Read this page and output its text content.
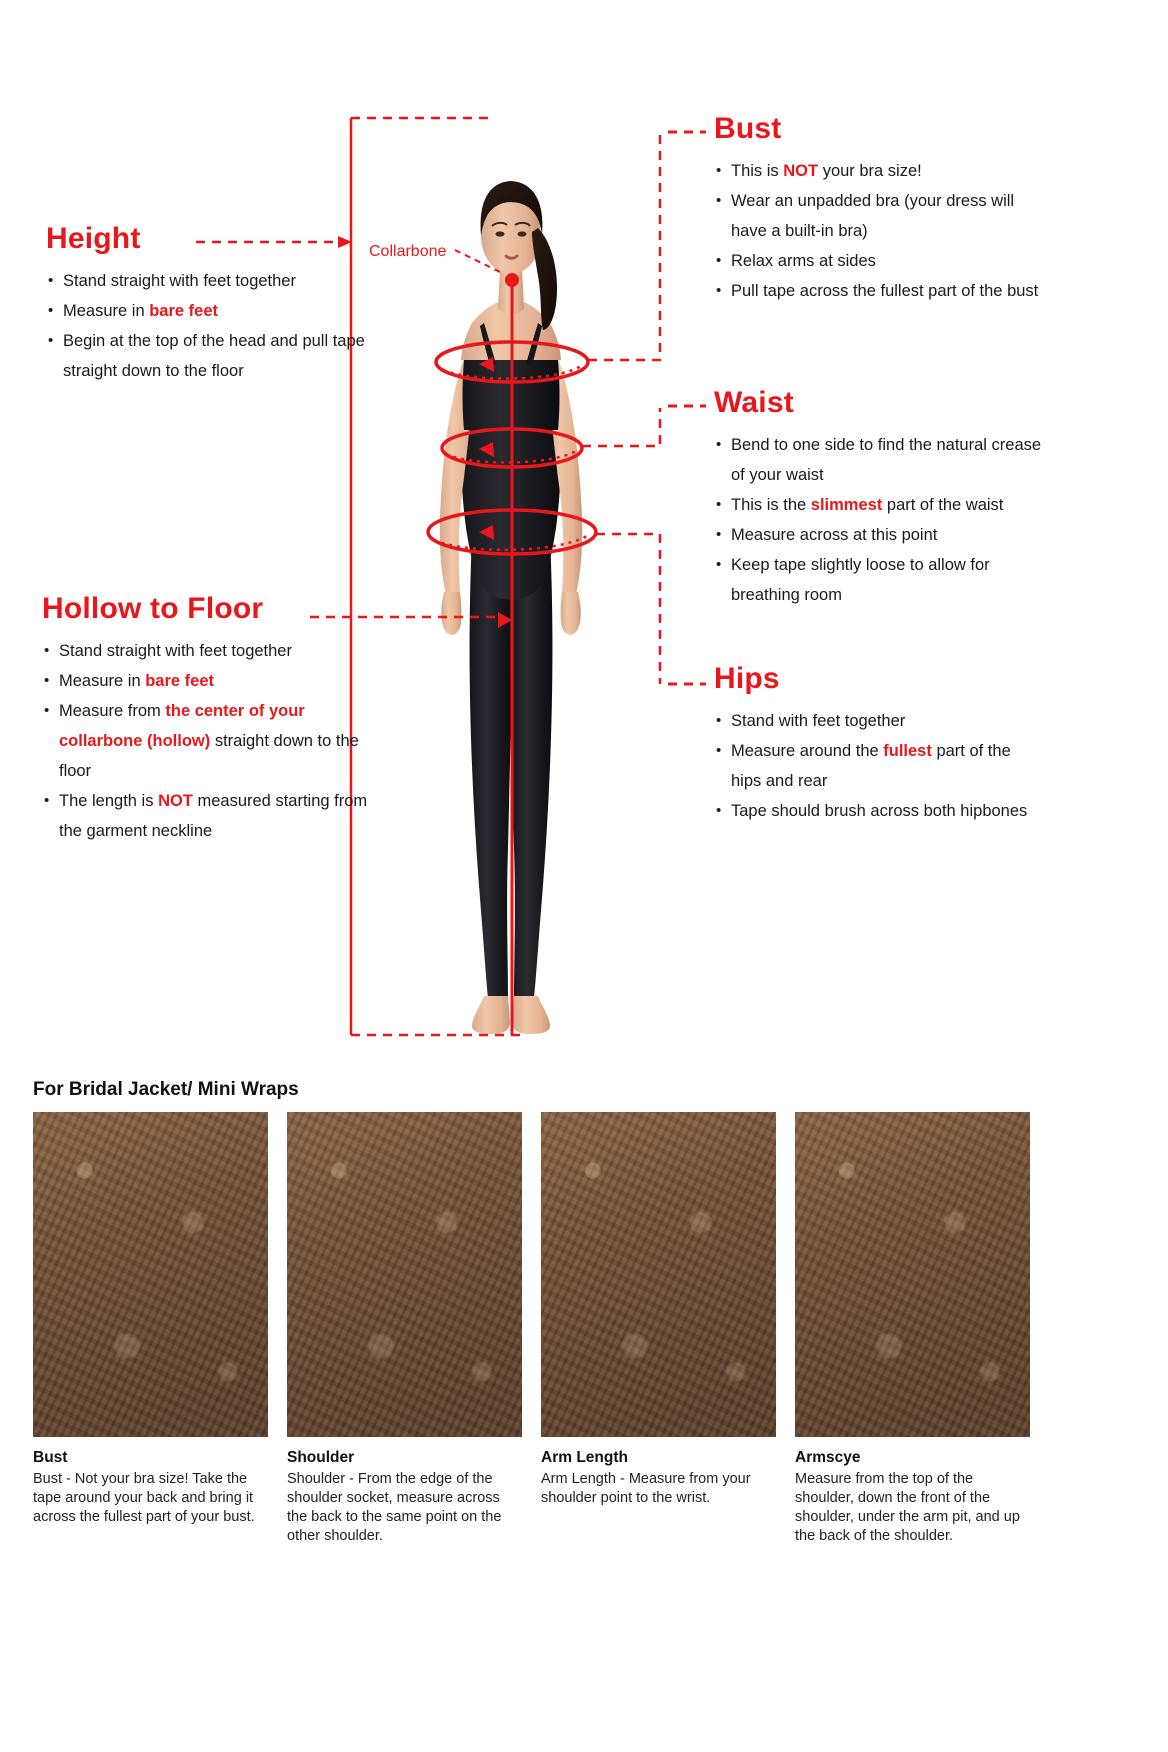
Collarbone
Height
• Stand straight with feet together
• Measure in bare feet
• Begin at the top of the head and pull tape straight down to the floor
Hollow to Floor
• Stand straight with feet together
• Measure in bare feet
• Measure from the center of your collarbone (hollow) straight down to the floor
• The length is NOT measured starting from the garment neckline
Bust
• This is NOT your bra size!
• Wear an unpadded bra (your dress will have a built-in bra)
• Relax arms at sides
• Pull tape across the fullest part of the bust
Waist
• Bend to one side to find the natural crease of your waist
• This is the slimmest part of the waist
• Measure across at this point
• Keep tape slightly loose to allow for breathing room
Hips
• Stand with feet together
• Measure around the fullest part of the hips and rear
• Tape should brush across both hipbones
For Bridal Jacket/ Mini Wraps
Bust

Bust - Not your bra size! Take the tape around your back and bring it across the fullest part of your bust.

Shoulder

Shoulder - From the edge of the shoulder socket, measure across the back to the same point on the other shoulder.

Arm Length

Arm Length - Measure from your shoulder point to the wrist.

Armscye

Measure from the top of the shoulder, down the front of the shoulder, under the arm pit, and up the back of the shoulder.
